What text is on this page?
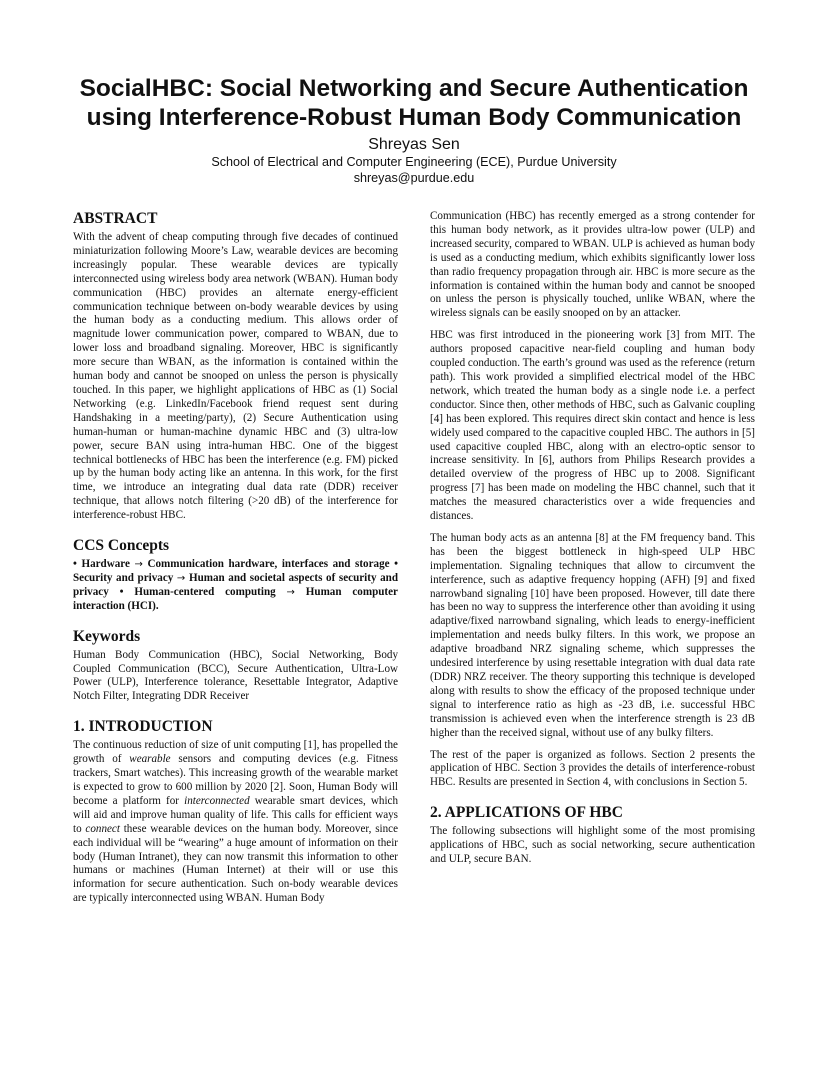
SocialHBC: Social Networking and Secure Authentication
using Interference-Robust Human Body Communication
Shreyas Sen
School of Electrical and Computer Engineering (ECE), Purdue University
shreyas@purdue.edu
ABSTRACT

With the advent of cheap computing through five decades of continued miniaturization following Moore’s Law, wearable devices are becoming increasingly popular. These wearable devices are typically interconnected using wireless body area network (WBAN). Human body communication (HBC) provides an alternate energy-efficient communication technique between on-body wearable devices by using the human body as a conducting medium. This allows order of magnitude lower communication power, compared to WBAN, due to lower loss and broadband signaling. Moreover, HBC is significantly more secure than WBAN, as the information is contained within the human body and cannot be snooped on unless the person is physically touched. In this paper, we highlight applications of HBC as (1) Social Networking (e.g. LinkedIn/Facebook friend request sent during Handshaking in a meeting/party), (2) Secure Authentication using human-human or human-machine dynamic HBC and (3) ultra-low power, secure BAN using intra-human HBC. One of the biggest technical bottlenecks of HBC has been the interference (e.g. FM) picked up by the human body acting like an antenna. In this work, for the first time, we introduce an integrating dual data rate (DDR) receiver technique, that allows notch filtering (>20 dB) of the interference for interference-robust HBC.

CCS Concepts

• Hardware → Communication hardware, interfaces and storage • Security and privacy → Human and societal aspects of security and privacy • Human-centered computing → Human computer interaction (HCI).

Keywords

Human Body Communication (HBC), Social Networking, Body Coupled Communication (BCC), Secure Authentication, Ultra-Low Power (ULP), Interference tolerance, Resettable Integrator, Adaptive Notch Filter, Integrating DDR Receiver

1. INTRODUCTION

The continuous reduction of size of unit computing [1], has propelled the growth of wearable sensors and computing devices (e.g. Fitness trackers, Smart watches). This increasing growth of the wearable market is expected to grow to 600 million by 2020 [2]. Soon, Human Body will become a platform for interconnected wearable smart devices, which will aid and improve human quality of life. This calls for efficient ways to connect these wearable devices on the human body. Moreover, since each individual will be “wearing” a huge amount of information on their body (Human Intranet), they can now transmit this information to other humans or machines (Human Internet) at their will or use this information for secure authentication. Such on-body wearable devices are typically interconnected using WBAN. Human Body

Communication (HBC) has recently emerged as a strong contender for this human body network, as it provides ultra-low power (ULP) and increased security, compared to WBAN. ULP is achieved as human body is used as a conducting medium, which exhibits significantly lower loss than radio frequency propagation through air. HBC is more secure as the information is contained within the human body and cannot be snooped on unless the person is physically touched, unlike WBAN, where the wireless signals can be easily snooped on by an attacker.

HBC was first introduced in the pioneering work [3] from MIT. The authors proposed capacitive near-field coupling and human body coupled conduction. The earth’s ground was used as the reference (return path). This work provided a simplified electrical model of the HBC network, which treated the human body as a single node i.e. a perfect conductor. Since then, other methods of HBC, such as Galvanic coupling [4] has been explored. This requires direct skin contact and hence is less widely used compared to the capacitive coupled HBC. The authors in [5] used capacitive coupled HBC, along with an electro-optic sensor to increase sensitivity. In [6], authors from Philips Research provides a detailed overview of the progress of HBC up to 2008. Significant progress [7] has been made on modeling the HBC channel, such that it matches the measured characteristics over a wide frequencies and distances.

The human body acts as an antenna [8] at the FM frequency band. This has been the biggest bottleneck in high-speed ULP HBC implementation. Signaling techniques that allow to circumvent the interference, such as adaptive frequency hopping (AFH) [9] and fixed narrowband signaling [10] have been proposed. However, till date there has been no way to suppress the interference other than avoiding it using adaptive/fixed narrowband signaling, which leads to energy-inefficient implementation and needs bulky filters. In this work, we propose an adaptive broadband NRZ signaling scheme, which suppresses the undesired interference by using resettable integration with dual data rate (DDR) NRZ receiver. The theory supporting this technique is developed along with results to show the efficacy of the proposed technique under signal to interference ratio as high as -23 dB, i.e. successful HBC transmission is achieved even when the interference strength is 23 dB higher than the received signal, without use of any bulky filters.

The rest of the paper is organized as follows. Section 2 presents the application of HBC. Section 3 provides the details of interference-robust HBC. Results are presented in Section 4, with conclusions in Section 5.

2. APPLICATIONS OF HBC

The following subsections will highlight some of the most promising applications of HBC, such as social networking, secure authentication and ULP, secure BAN.
